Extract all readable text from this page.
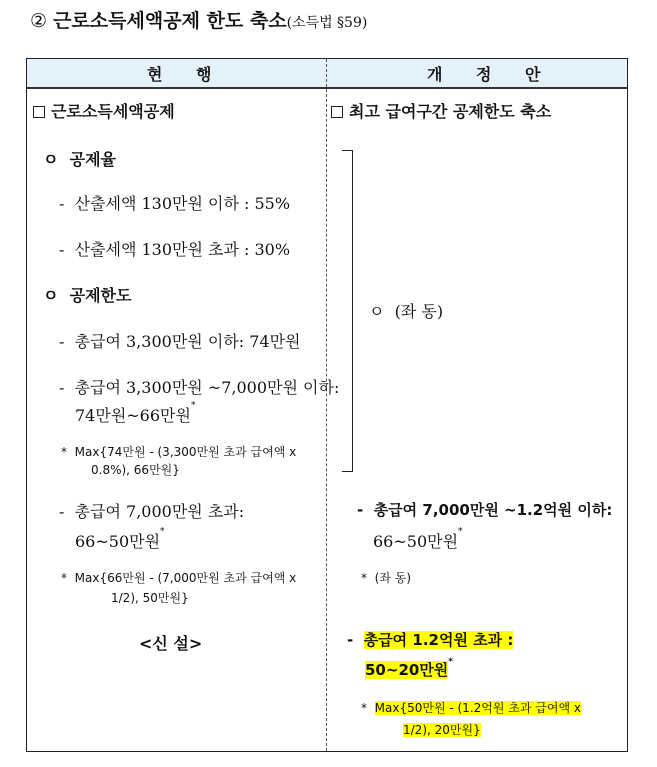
② 근로소득세액공제 한도 축소(소득법 §59)
현 행	개 정 안
근로소득세액공제
ㅇ 공제율
- 산출세액 130만원 이하 : 55%
- 산출세액 130만원 초과 : 30%
ㅇ 공제한도
- 총급여 3,300만원 이하: 74만원
- 총급여 3,300만원 ~7,000만원 이하:
74만원~66만원*
* Max{74만원 - (3,300만원 초과 급여액 x
0.8%), 66만원}
- 총급여 7,000만원 초과:
66~50만원*
* Max{66만원 - (7,000만원 초과 급여액 x
1/2), 50만원}
<신 설>
최고 급여구간 공제한도 축소
ㅇ (좌 동)
- 총급여 7,000만원 ~1.2억원 이하:
66~50만원*
* (좌 동)
- 총급여 1.2억원 초과 :
50~20만원*
* Max{50만원 - (1.2억원 초과 급여액 x
1/2), 20만원}
